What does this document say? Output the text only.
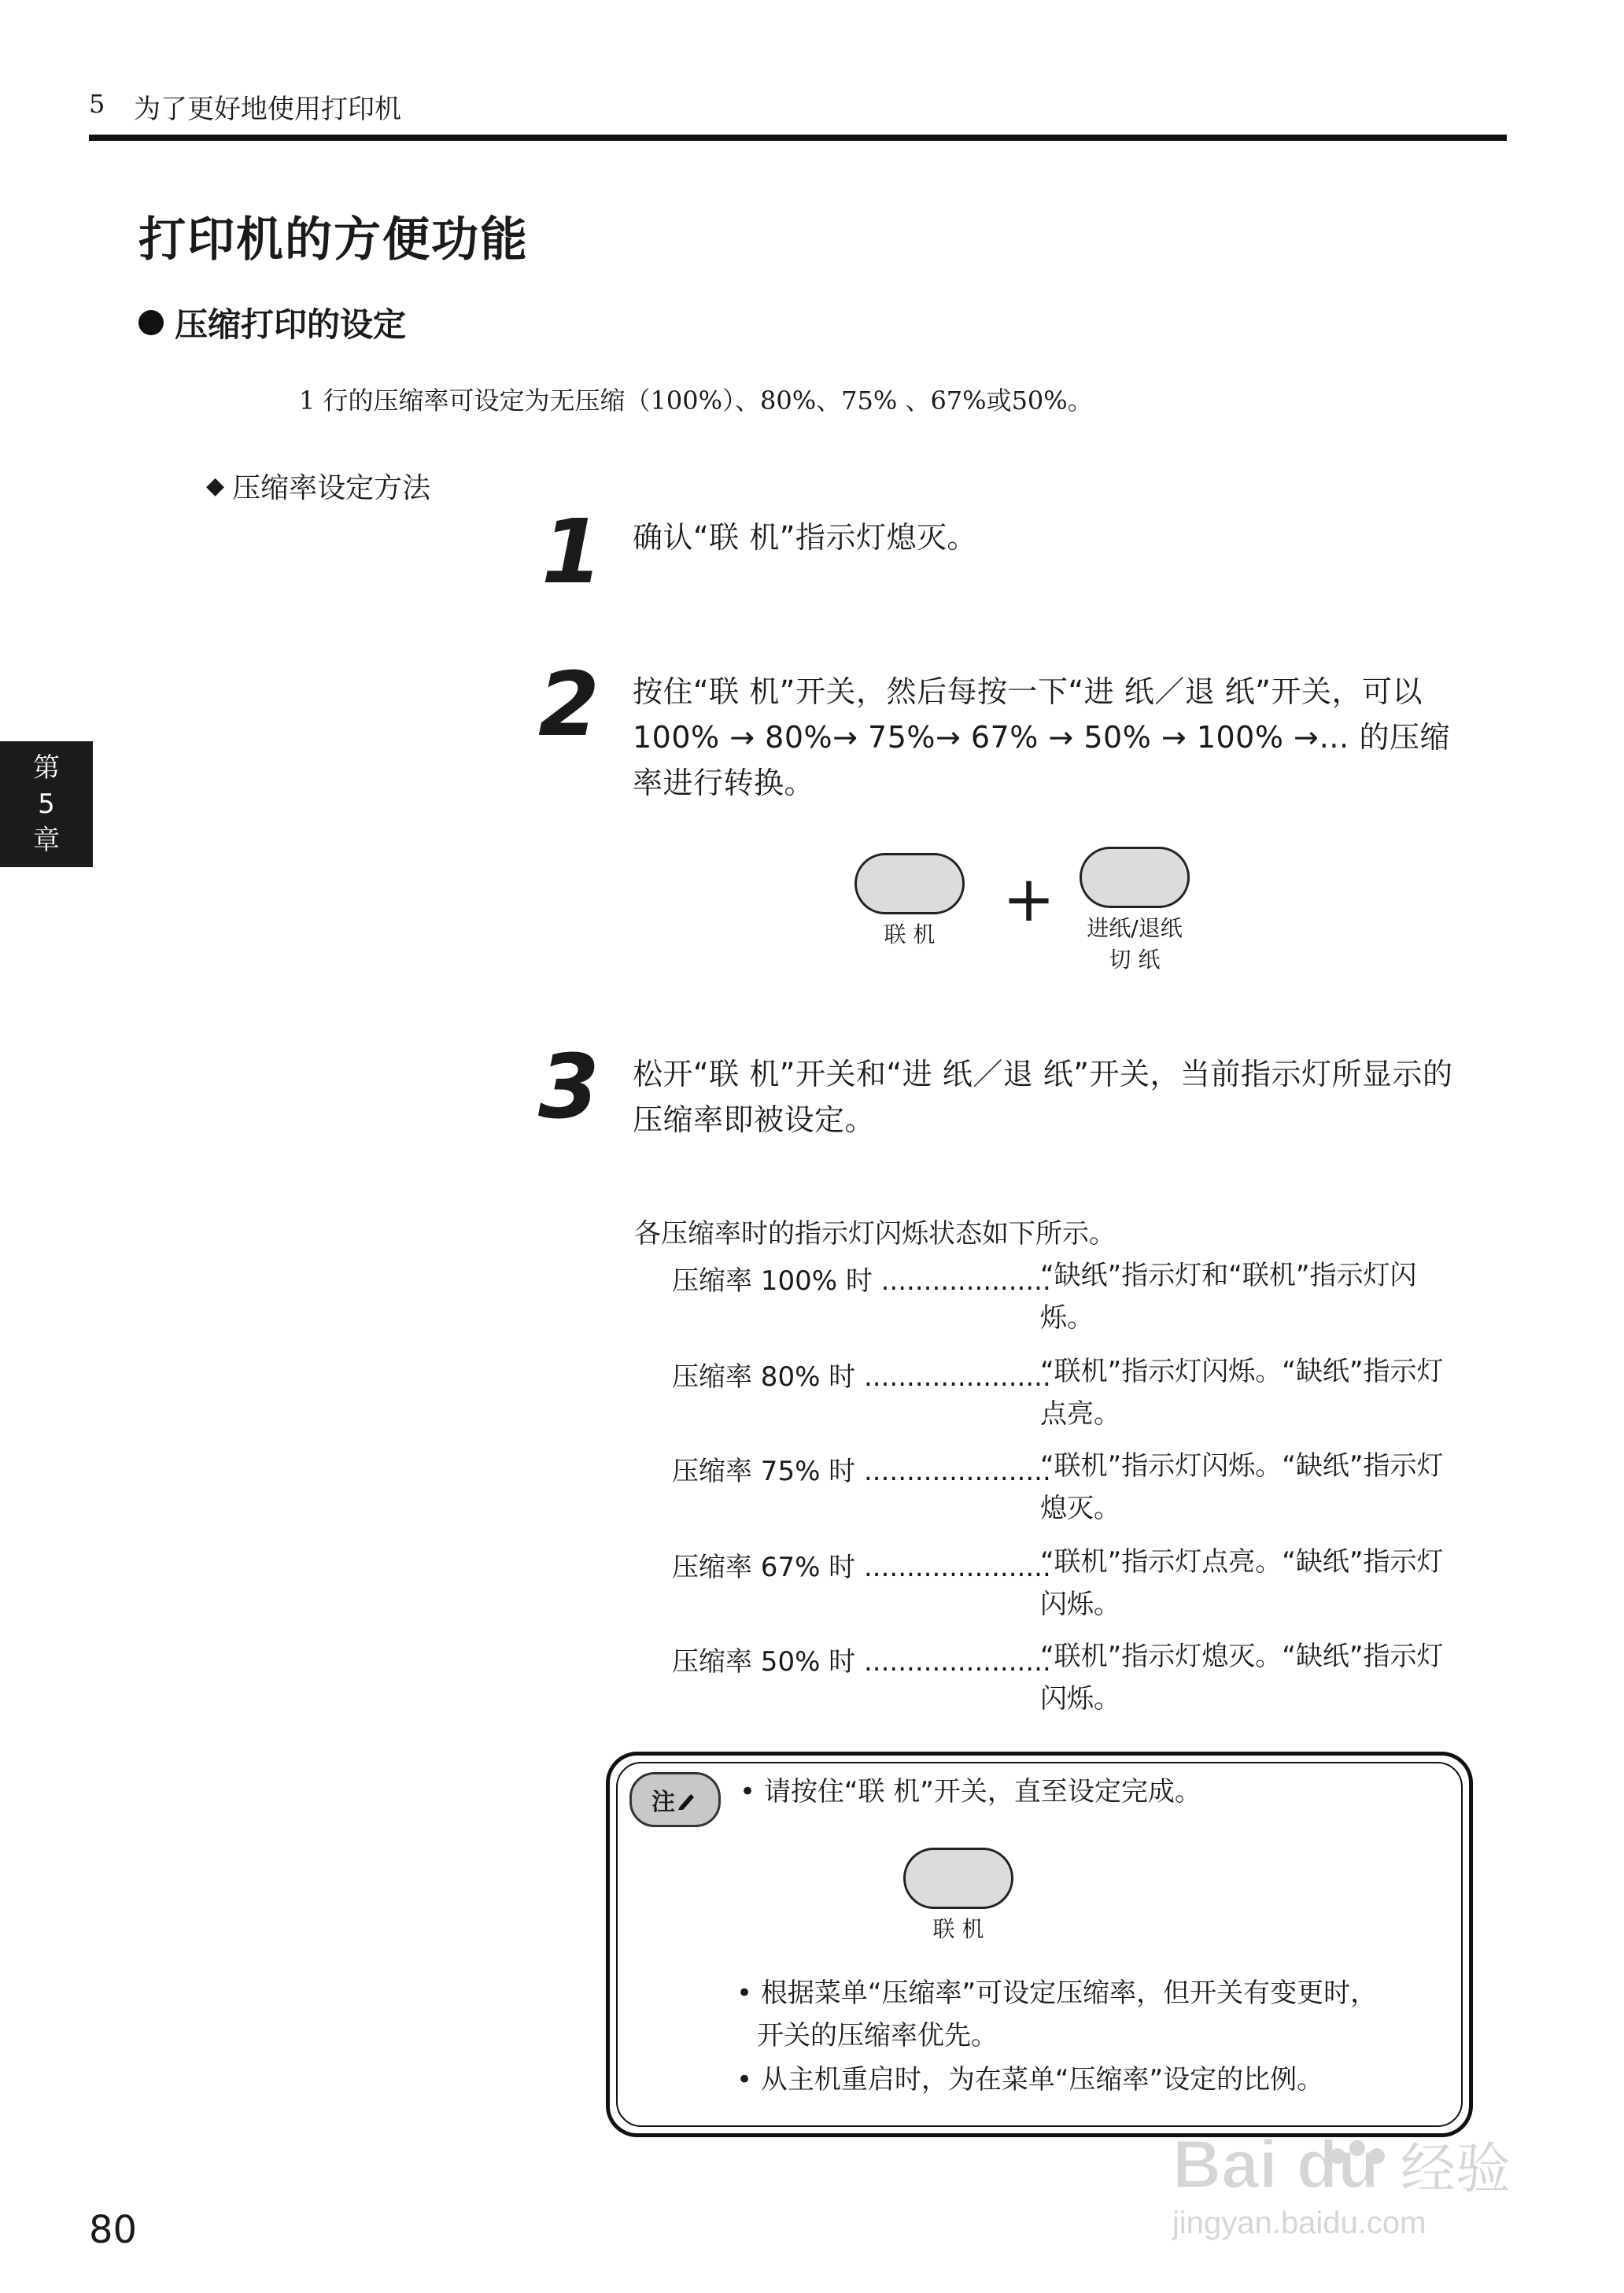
5 为了更好地使用打印机
打印机的方便功能
压缩打印的设定
1 行的压缩率可设定为无压缩（100%）、80%、75% 、67%或50%。
◆ 压缩率设定方法
第
5
章
1 确认“联 机”指示灯熄灭。
2 按住“联 机”开关，然后每按一下“进 纸／退 纸”开关，可以 100% → 80%→ 75%→ 67% → 50% → 100% →… 的压缩率进行转换。
联 机	+	进纸/退纸
切 纸
3 松开“联 机”开关和“进 纸／退 纸”开关，当前指示灯所显示的压缩率即被设定。
各压缩率时的指示灯闪烁状态如下所示。
压缩率 100% 时 ....................
“缺纸”指示灯和“联机”指示灯闪烁。
压缩率 80% 时 ......................
“联机”指示灯闪烁。“缺纸”指示灯点亮。
压缩率 75% 时 ......................
“联机”指示灯闪烁。“缺纸”指示灯熄灭。
压缩率 67% 时 ......................
“联机”指示灯点亮。“缺纸”指示灯闪烁。
压缩率 50% 时 ......................
“联机”指示灯熄灭。“缺纸”指示灯闪烁。
注 • 请按住“联 机”开关，直至设定完成。
联 机
• 根据菜单“压缩率”可设定压缩率，但开关有变更时，
开关的压缩率优先。
• 从主机重启时，为在菜单“压缩率”设定的比例。
80
Bai du 经验
jingyan.baidu.com
